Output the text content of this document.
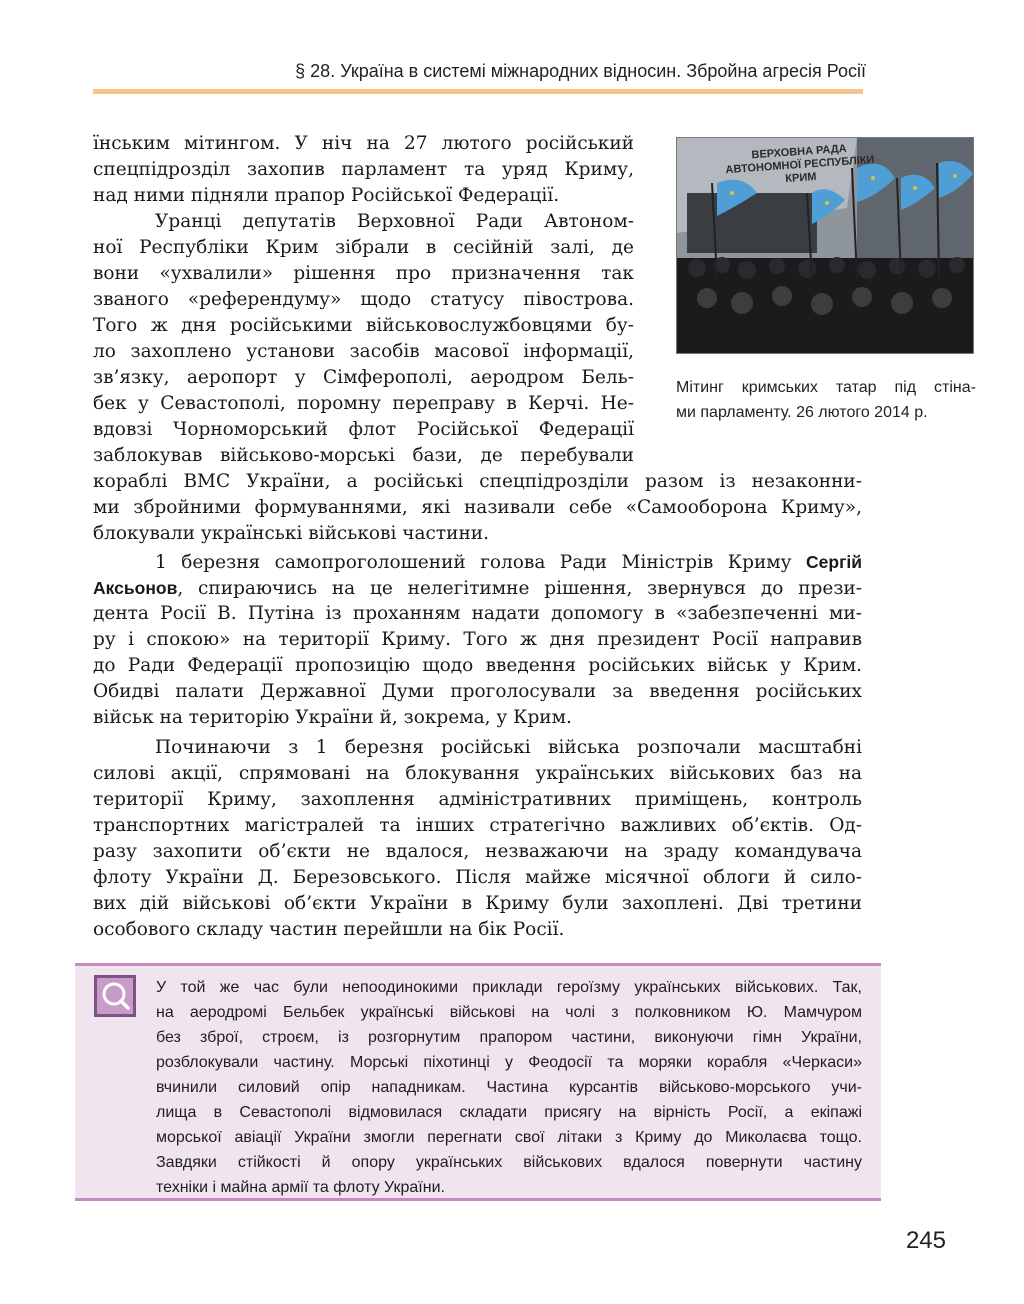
§ 28. Україна в системі міжнародних відносин. Збройна агресія Росії
їнським мітингом. У ніч на 27 лютого російський
спецпідрозділ захопив парламент та уряд Криму,
над ними підняли прапор Російської Федерації.
Уранці депутатів Верховної Ради Автоном-
ної Республіки Крим зібрали в сесійній залі, де
вони «ухвалили» рішення про призначення так
званого «референдуму» щодо статусу півострова.
Того ж дня російськими військовослужбовцями бу-
ло захоплено установи засобів масової інформації,
зв’язку, аеропорт у Сімферополі, аеродром Бель-
бек у Севастополі, поромну переправу в Керчі. Не-
вдовзі Чорноморський флот Російської Федерації
заблокував військово-морські бази, де перебували
кораблі ВМС України, а російські спецпідрозділи разом із незаконни-
ми збройними формуваннями, які називали себе «Самооборона Криму»,
блокували українські військові частини.
1 березня самопроголошений голова Ради Міністрів Криму Сергій
Аксьонов, спираючись на це нелегітимне рішення, звернувся до прези-
дента Росії В. Путіна із проханням надати допомогу в «забезпеченні ми-
ру і спокою» на території Криму. Того ж дня президент Росії направив
до Ради Федерації пропозицію щодо введення російських військ у Крим.
Обидві палати Державної Думи проголосували за введення російських
військ на територію України й, зокрема, у Крим.
Починаючи з 1 березня російські війська розпочали масштабні
силові акції, спрямовані на блокування українських військових баз на
території Криму, захоплення адміністративних приміщень, контроль
транспортних магістралей та інших стратегічно важливих об’єктів. Од-
разу захопити об’єкти не вдалося, незважаючи на зраду командувача
флоту України Д. Березовського. Після майже місячної облоги й сило-
вих дій військові об’єкти України в Криму були захоплені. Дві третини
особового складу частин перейшли на бік Росії.
ВЕРХОВНА РАДА АВТОНОМНОЇ РЕСПУБЛІКИ КРИМ
Мітинг кримських татар під стіна-
ми парламенту. 26 лютого 2014 р.
У той же час були непоодинокими приклади героїзму українських військових. Так,
на аеродромі Бельбек українські військові на чолі з полковником Ю. Мамчуром
без зброї, строєм, із розгорнутим прапором частини, виконуючи гімн України,
розблокували частину. Морські піхотинці у Феодосії та моряки корабля «Черкаси»
вчинили силовий опір нападникам. Частина курсантів військово-морського учи-
лища в Севастополі відмовилася складати присягу на вірність Росії, а екіпажі
морської авіації України змогли перегнати свої літаки з Криму до Миколаєва тощо.
Завдяки стійкості й опору українських військових вдалося повернути частину
техніки і майна армії та флоту України.
245
